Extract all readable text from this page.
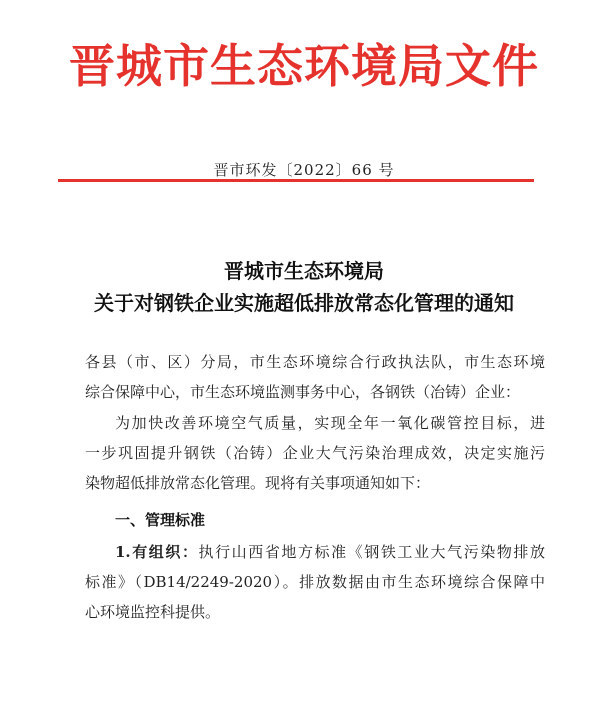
晋城市生态环境局文件
晋市环发〔2022〕66 号
晋城市生态环境局
关于对钢铁企业实施超低排放常态化管理的通知
各县（市、区）分局，市生态环境综合行政执法队，市生态环境
综合保障中心，市生态环境监测事务中心，各钢铁（冶铸）企业：
为加快改善环境空气质量，实现全年一氧化碳管控目标，进
一步巩固提升钢铁（冶铸）企业大气污染治理成效，决定实施污
染物超低排放常态化管理。现将有关事项通知如下：
一、管理标准
1.有组织：执行山西省地方标准《钢铁工业大气污染物排放
标准》（DB14/2249-2020）。排放数据由市生态环境综合保障中
心环境监控科提供。
